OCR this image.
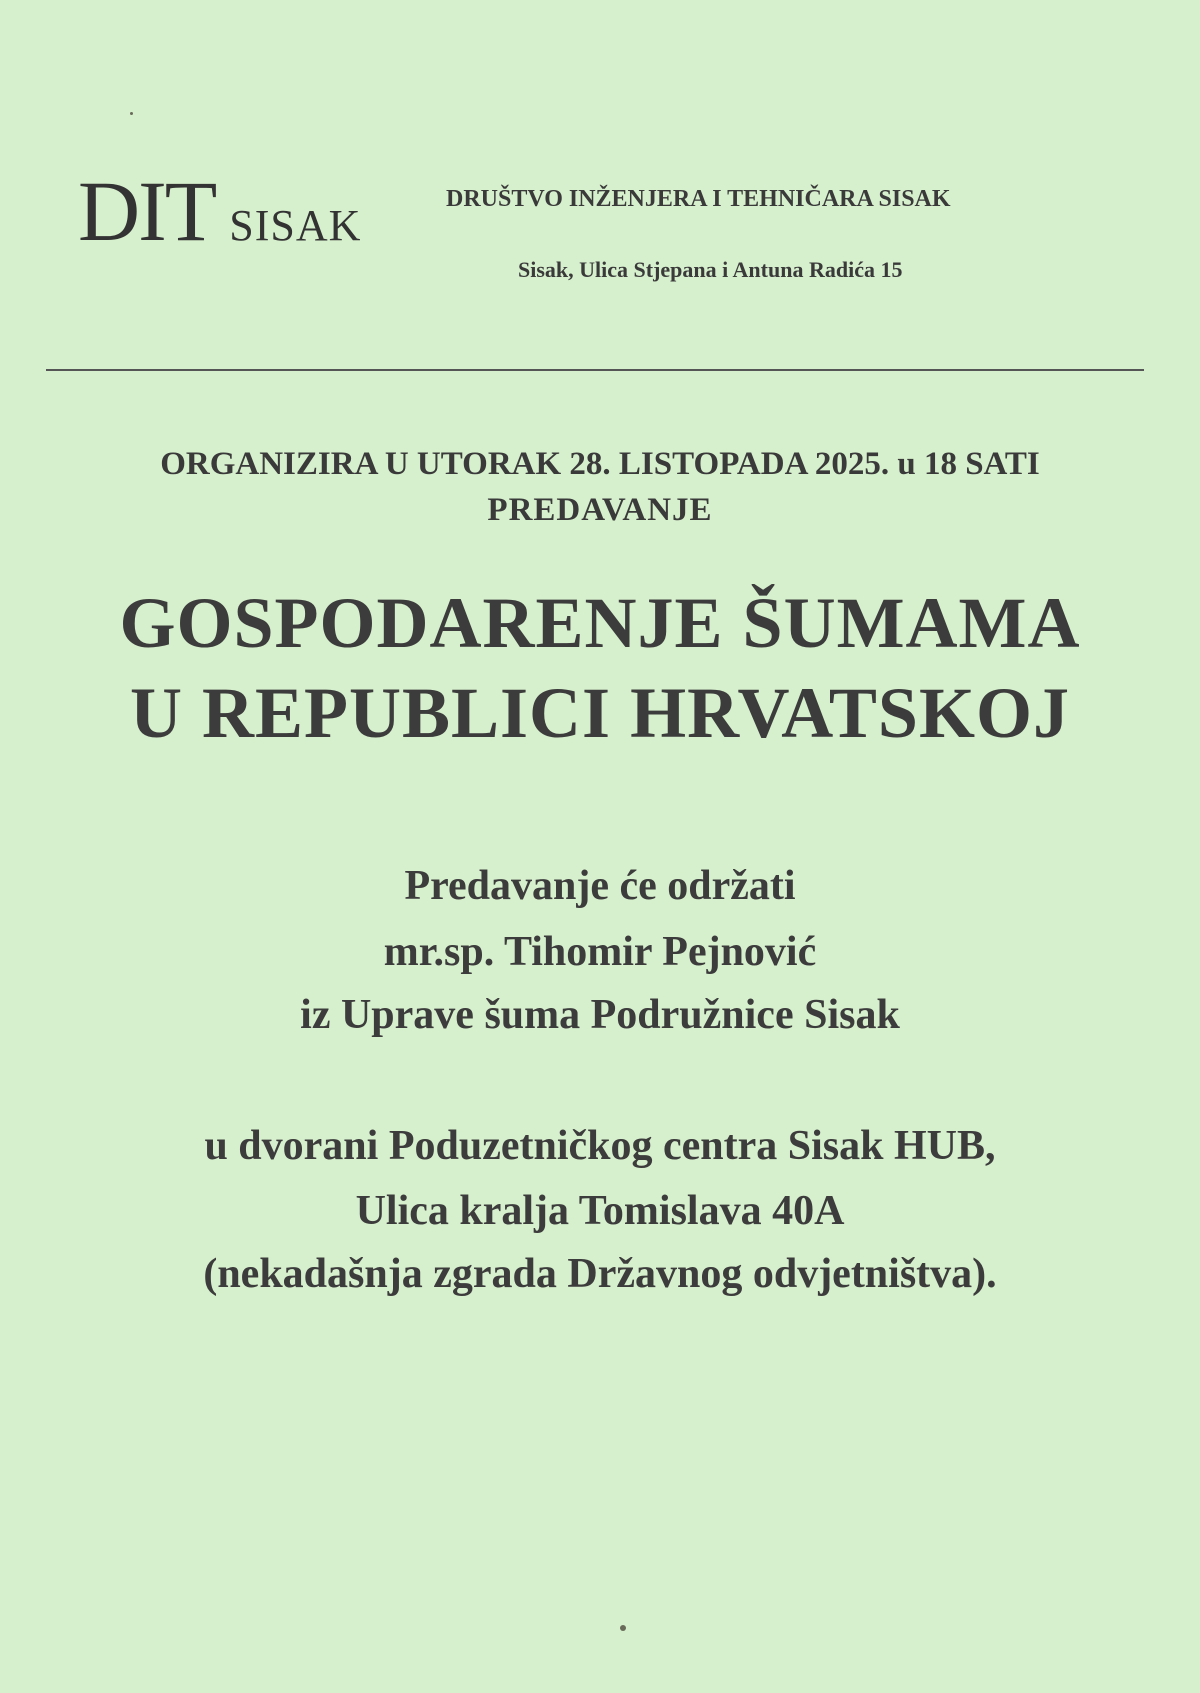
DIT SISAK
DRUŠTVO INŽENJERA I TEHNIČARA SISAK
Sisak, Ulica Stjepana i Antuna Radića 15
ORGANIZIRA U UTORAK 28. LISTOPADA 2025. u 18 SATI
PREDAVANJE
GOSPODARENJE ŠUMAMA
U REPUBLICI HRVATSKOJ
Predavanje će održati
mr.sp. Tihomir Pejnović
iz Uprave šuma Podružnice Sisak
u dvorani Poduzetničkog centra Sisak HUB,
Ulica kralja Tomislava 40A
(nekadašnja zgrada Državnog odvjetništva).
